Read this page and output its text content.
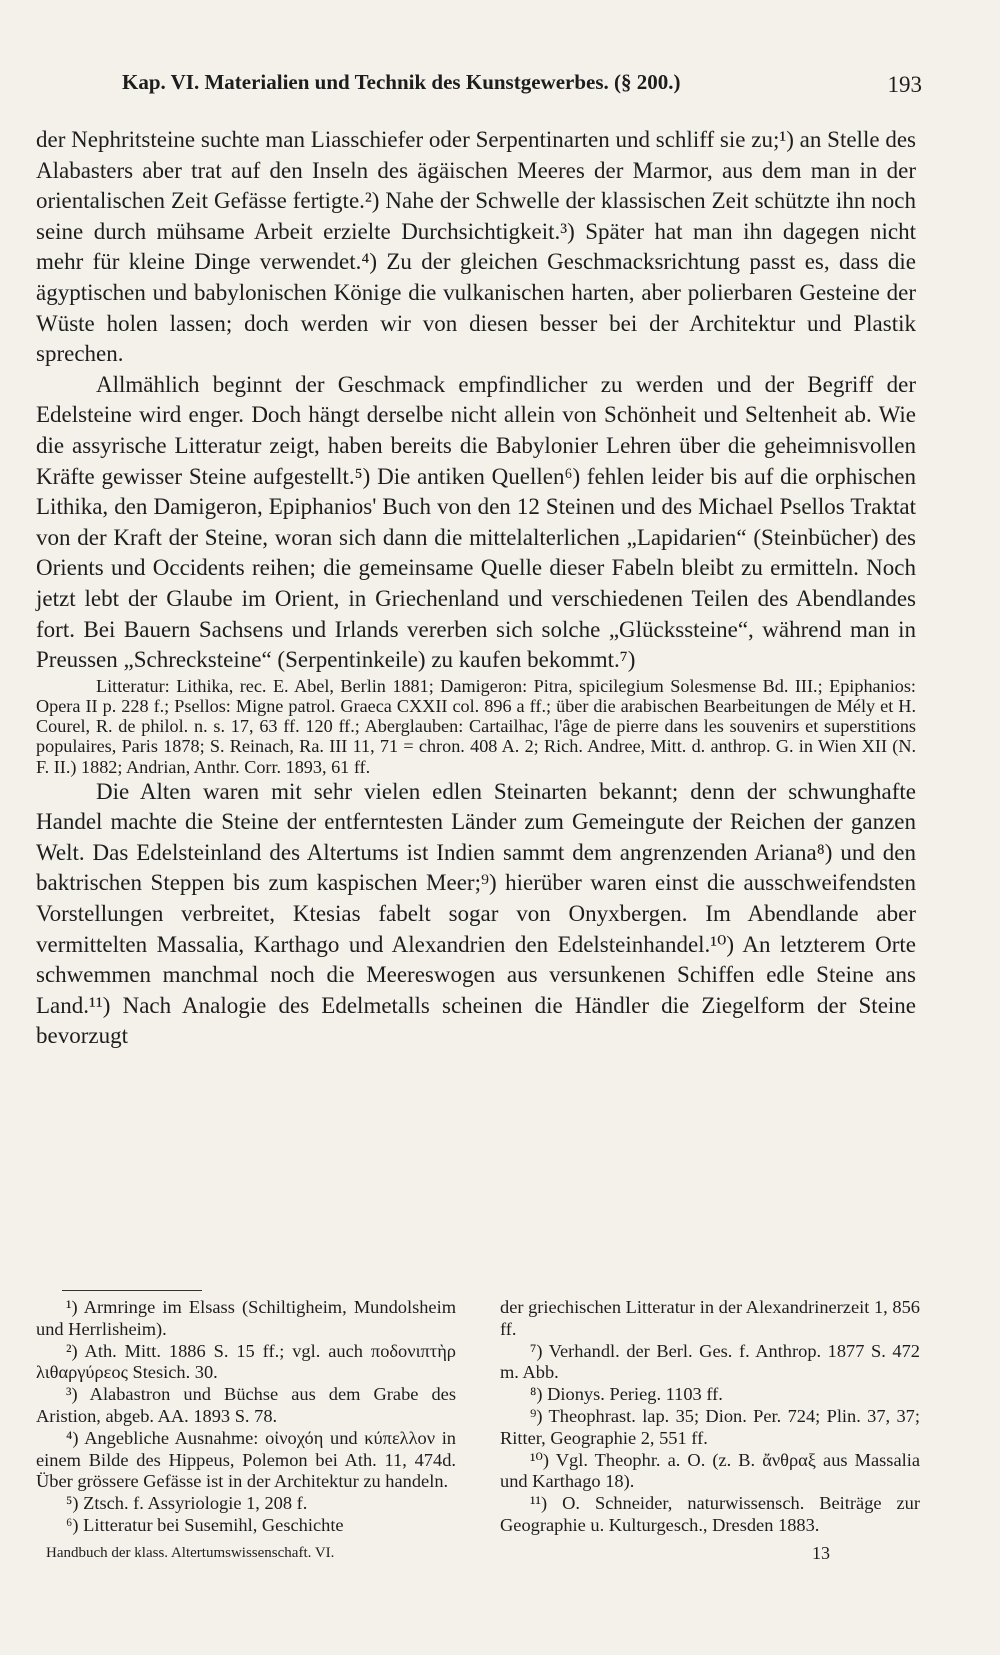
Kap. VI. Materialien und Technik des Kunstgewerbes. (§ 200.)	193

der Nephritsteine suchte man Liasschiefer oder Serpentinarten und schliff sie zu;¹) an Stelle des Alabasters aber trat auf den Inseln des ägäischen Meeres der Marmor, aus dem man in der orientalischen Zeit Gefässe fertigte.²) Nahe der Schwelle der klassischen Zeit schützte ihn noch seine durch mühsame Arbeit erzielte Durchsichtigkeit.³) Später hat man ihn dagegen nicht mehr für kleine Dinge verwendet.⁴) Zu der gleichen Geschmacksrichtung passt es, dass die ägyptischen und babylonischen Könige die vulkanischen harten, aber polierbaren Gesteine der Wüste holen lassen; doch werden wir von diesen besser bei der Architektur und Plastik sprechen.

Allmählich beginnt der Geschmack empfindlicher zu werden und der Begriff der Edelsteine wird enger. Doch hängt derselbe nicht allein von Schönheit und Seltenheit ab. Wie die assyrische Litteratur zeigt, haben bereits die Babylonier Lehren über die geheimnisvollen Kräfte gewisser Steine aufgestellt.⁵) Die antiken Quellen⁶) fehlen leider bis auf die orphischen Lithika, den Damigeron, Epiphanios' Buch von den 12 Steinen und des Michael Psellos Traktat von der Kraft der Steine, woran sich dann die mittelalterlichen „Lapidarien“ (Steinbücher) des Orients und Occidents reihen; die gemeinsame Quelle dieser Fabeln bleibt zu ermitteln. Noch jetzt lebt der Glaube im Orient, in Griechenland und verschiedenen Teilen des Abendlandes fort. Bei Bauern Sachsens und Irlands vererben sich solche „Glückssteine“, während man in Preussen „Schrecksteine“ (Serpentinkeile) zu kaufen bekommt.⁷)

Litteratur: Lithika, rec. E. Abel, Berlin 1881; Damigeron: Pitra, spicilegium Solesmense Bd. III.; Epiphanios: Opera II p. 228 f.; Psellos: Migne patrol. Graeca CXXII col. 896 a ff.; über die arabischen Bearbeitungen de Mély et H. Courel, R. de philol. n. s. 17, 63 ff. 120 ff.; Aberglauben: Cartailhac, l'âge de pierre dans les souvenirs et superstitions populaires, Paris 1878; S. Reinach, Ra. III 11, 71 = chron. 408 A. 2; Rich. Andree, Mitt. d. anthrop. G. in Wien XII (N. F. II.) 1882; Andrian, Anthr. Corr. 1893, 61 ff.

Die Alten waren mit sehr vielen edlen Steinarten bekannt; denn der schwunghafte Handel machte die Steine der entferntesten Länder zum Gemeingute der Reichen der ganzen Welt. Das Edelsteinland des Altertums ist Indien sammt dem angrenzenden Ariana⁸) und den baktrischen Steppen bis zum kaspischen Meer;⁹) hierüber waren einst die ausschweifendsten Vorstellungen verbreitet, Ktesias fabelt sogar von Onyxbergen. Im Abendlande aber vermittelten Massalia, Karthago und Alexandrien den Edelsteinhandel.¹⁰) An letzterem Orte schwemmen manchmal noch die Meereswogen aus versunkenen Schiffen edle Steine ans Land.¹¹) Nach Analogie des Edelmetalls scheinen die Händler die Ziegelform der Steine bevorzugt

¹) Armringe im Elsass (Schiltigheim, Mundolsheim und Herrlisheim).

²) Ath. Mitt. 1886 S. 15 ff.; vgl. auch ποδονιπτὴρ λιθαργύρεος Stesich. 30.

³) Alabastron und Büchse aus dem Grabe des Aristion, abgeb. AA. 1893 S. 78.

⁴) Angebliche Ausnahme: οἰνοχόη und κύπελλον in einem Bilde des Hippeus, Polemon bei Ath. 11, 474d. Über grössere Gefässe ist in der Architektur zu handeln.

⁵) Ztsch. f. Assyriologie 1, 208 f.

⁶) Litteratur bei Susemihl, Geschichte

der griechischen Litteratur in der Alexandrinerzeit 1, 856 ff.

⁷) Verhandl. der Berl. Ges. f. Anthrop. 1877 S. 472 m. Abb.

⁸) Dionys. Perieg. 1103 ff.

⁹) Theophrast. lap. 35; Dion. Per. 724; Plin. 37, 37; Ritter, Geographie 2, 551 ff.

¹⁰) Vgl. Theophr. a. O. (z. B. ἄνθραξ aus Massalia und Karthago 18).

¹¹) O. Schneider, naturwissensch. Beiträge zur Geographie u. Kulturgesch., Dresden 1883.

Handbuch der klass. Altertumswissenschaft. VI.	13
